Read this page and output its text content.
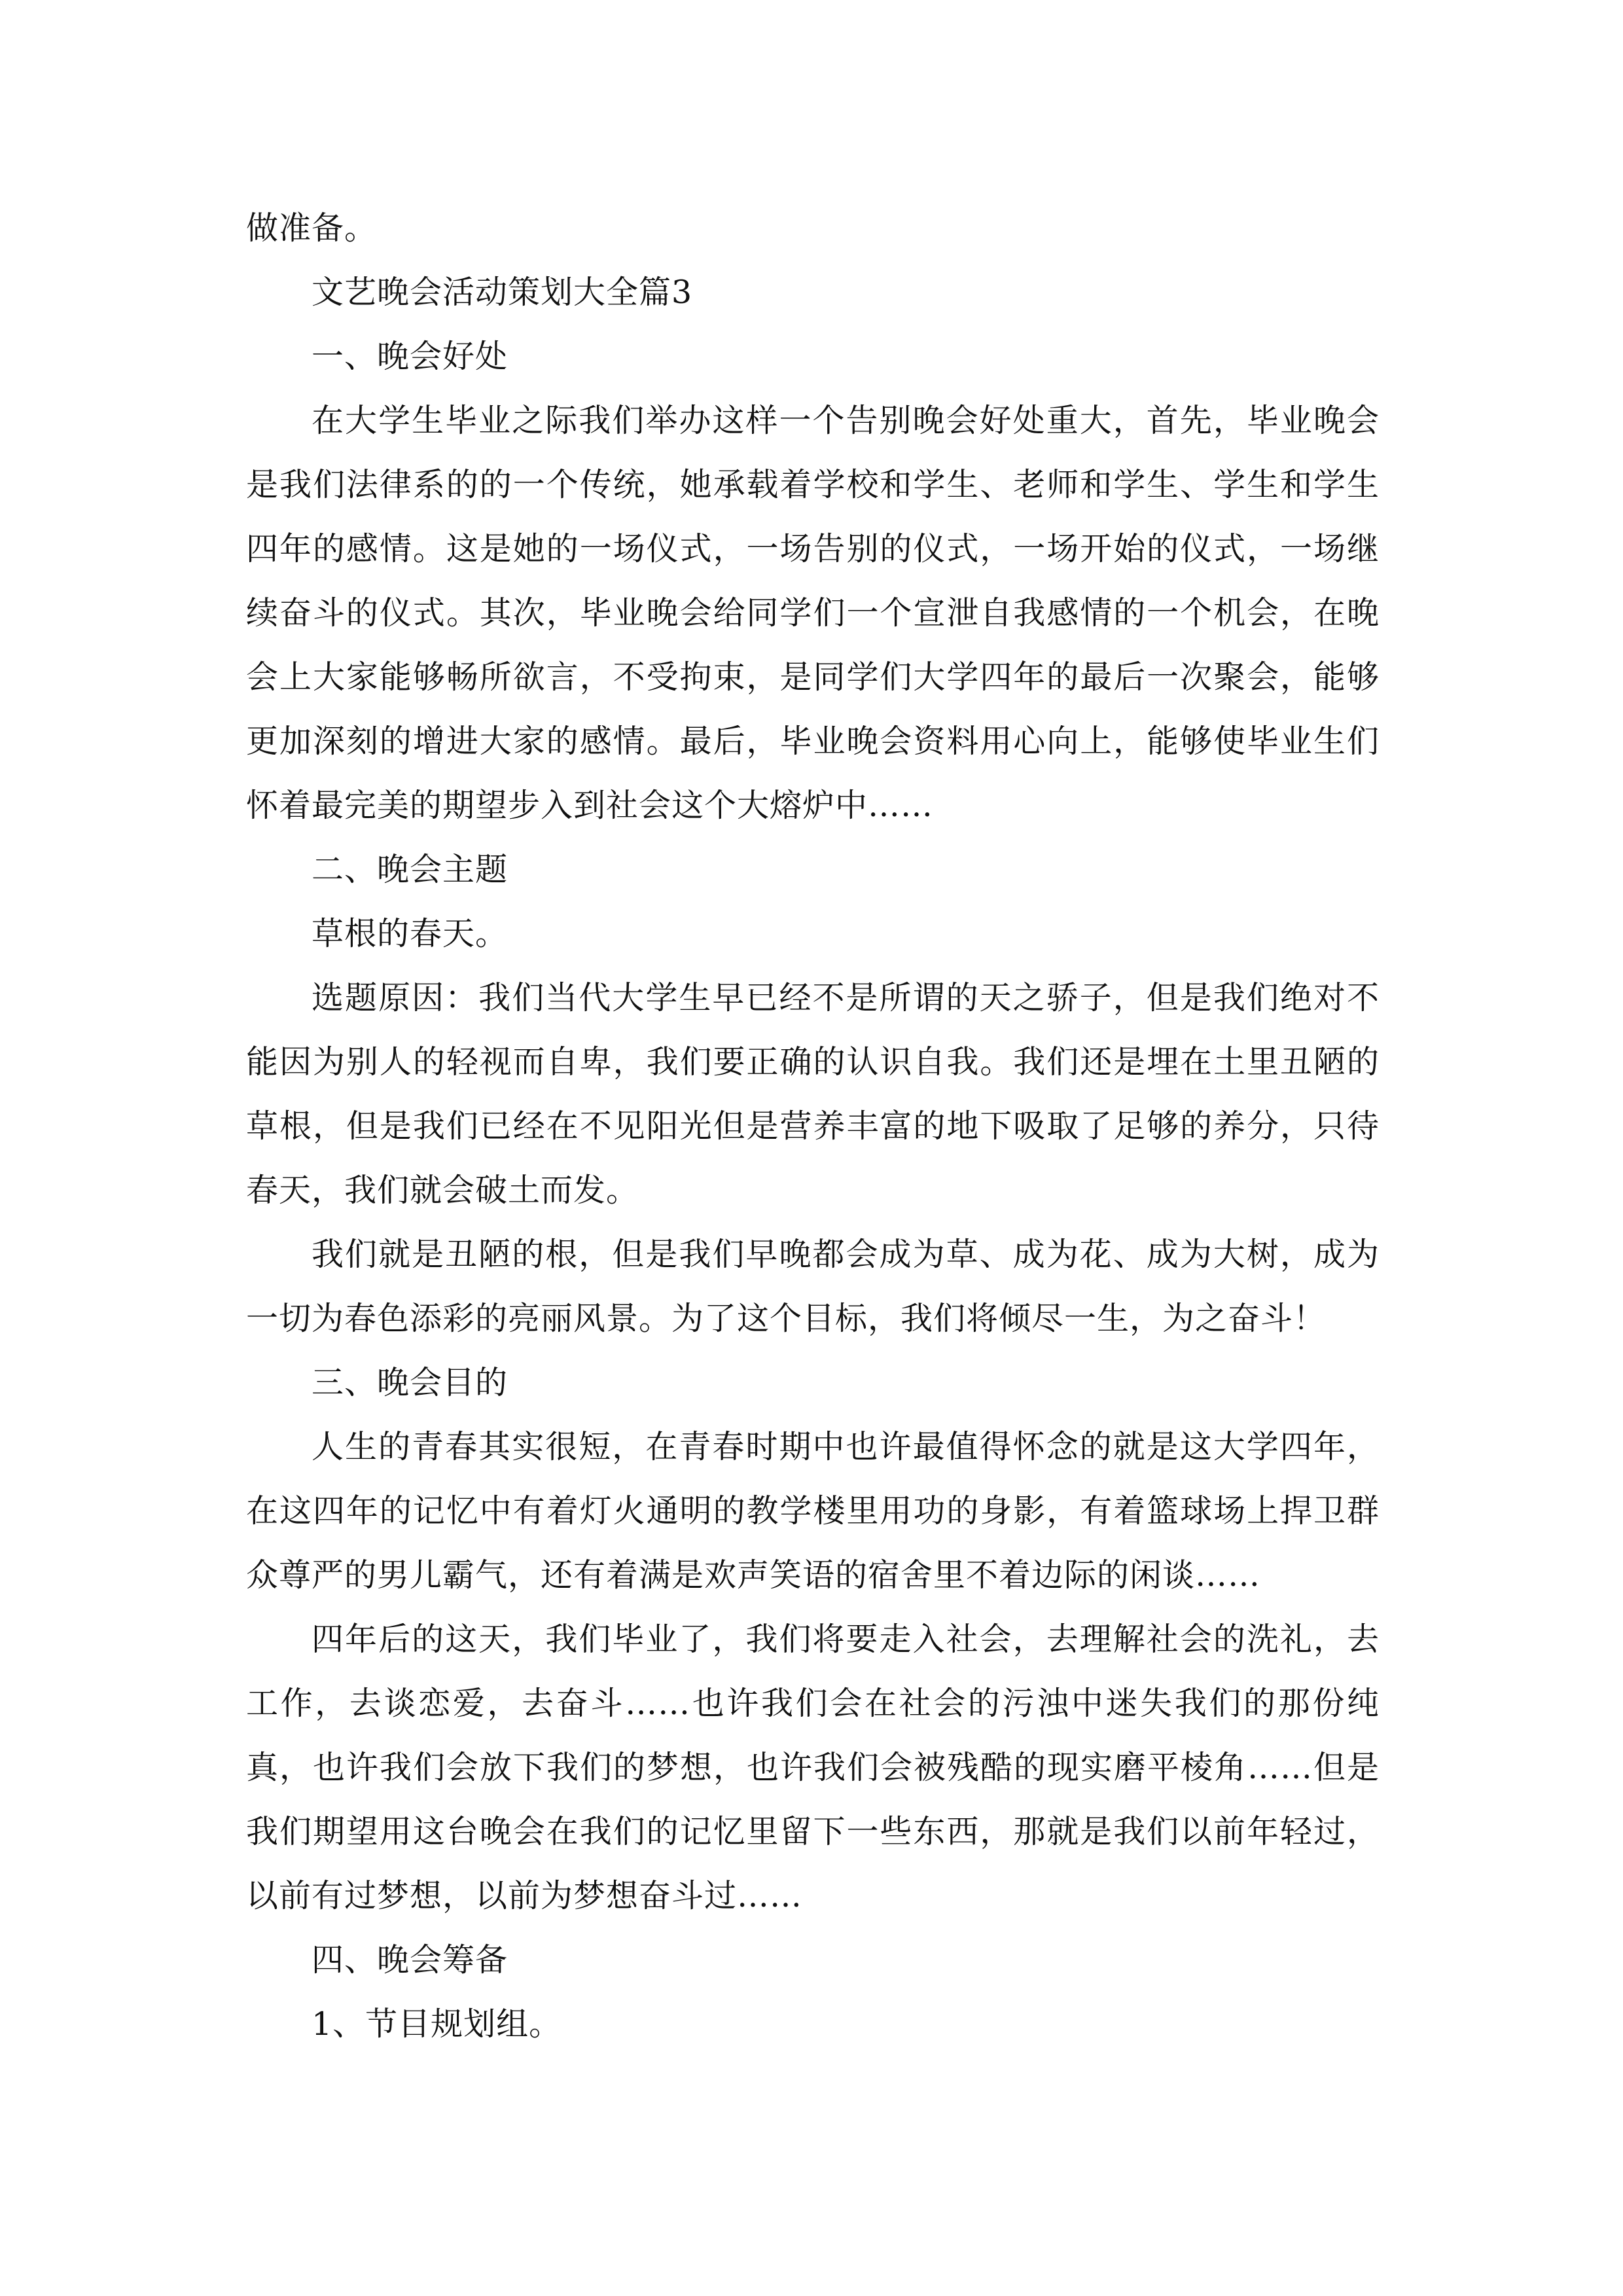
做准备。

文艺晚会活动策划大全篇3

一、晚会好处

在大学生毕业之际我们举办这样一个告别晚会好处重大，首先，毕业晚会是我们法律系的的一个传统，她承载着学校和学生、老师和学生、学生和学生四年的感情。这是她的一场仪式，一场告别的仪式，一场开始的仪式，一场继续奋斗的仪式。其次，毕业晚会给同学们一个宣泄自我感情的一个机会，在晚会上大家能够畅所欲言，不受拘束，是同学们大学四年的最后一次聚会，能够更加深刻的增进大家的感情。最后，毕业晚会资料用心向上，能够使毕业生们怀着最完美的期望步入到社会这个大熔炉中……

二、晚会主题

草根的春天。

选题原因：我们当代大学生早已经不是所谓的天之骄子，但是我们绝对不能因为别人的轻视而自卑，我们要正确的认识自我。我们还是埋在土里丑陋的草根，但是我们已经在不见阳光但是营养丰富的地下吸取了足够的养分，只待春天，我们就会破土而发。

我们就是丑陋的根，但是我们早晚都会成为草、成为花、成为大树，成为一切为春色添彩的亮丽风景。为了这个目标，我们将倾尽一生，为之奋斗！

三、晚会目的

人生的青春其实很短，在青春时期中也许最值得怀念的就是这大学四年，在这四年的记忆中有着灯火通明的教学楼里用功的身影，有着篮球场上捍卫群众尊严的男儿霸气，还有着满是欢声笑语的宿舍里不着边际的闲谈……

四年后的这天，我们毕业了，我们将要走入社会，去理解社会的洗礼，去工作，去谈恋爱，去奋斗……也许我们会在社会的污浊中迷失我们的那份纯真，也许我们会放下我们的梦想，也许我们会被残酷的现实磨平棱角……但是我们期望用这台晚会在我们的记忆里留下一些东西，那就是我们以前年轻过，以前有过梦想，以前为梦想奋斗过……

四、晚会筹备

1、节目规划组。
